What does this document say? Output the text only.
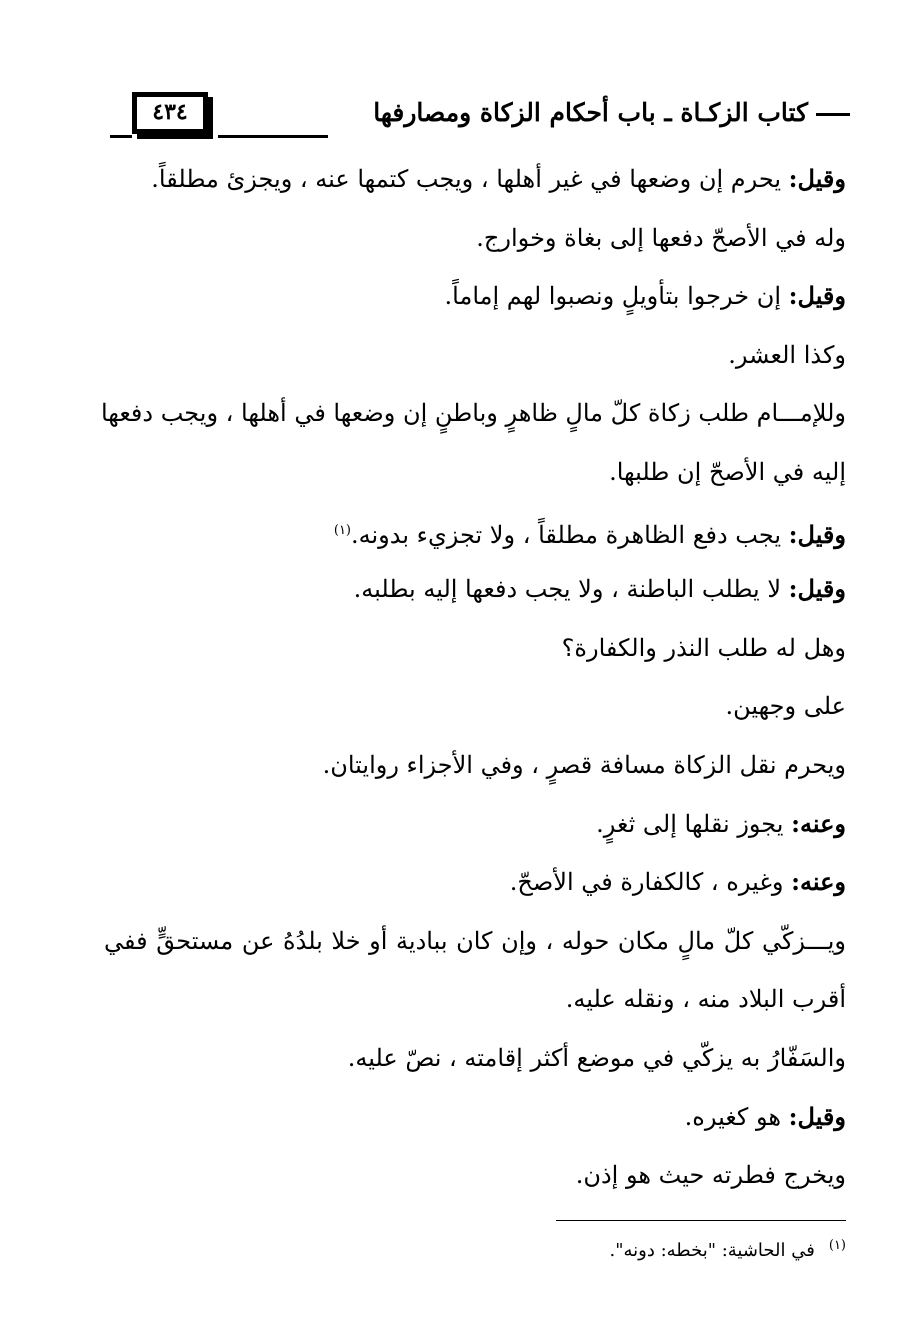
٤٣٤	كتاب الزكـاة ـ باب أحكام الزكاة ومصارفها
وقيل: يحرم إن وضعها في غير أهلها ، ويجب كتمها عنه ، ويجزئ مطلقاً.
وله في الأصحّ دفعها إلى بغاة وخوارج.
وقيل: إن خرجوا بتأويلٍ ونصبوا لهم إماماً.
وكذا العشر.
وللإمـــام طلب زكاة كلّ مالٍ ظاهرٍ وباطنٍ إن وضعها في أهلها ، ويجب دفعها
إليه في الأصحّ إن طلبها.
وقيل: يجب دفع الظاهرة مطلقاً ، ولا تجزيء بدونه.$^{(١)}$
وقيل: لا يطلب الباطنة ، ولا يجب دفعها إليه بطلبه.
وهل له طلب النذر والكفارة؟
على وجهين.
ويحرم نقل الزكاة مسافة قصرٍ ، وفي الأجزاء روايتان.
وعنه: يجوز نقلها إلى ثغرٍ.
وعنه: وغيره ، كالكفارة في الأصحّ.
ويـــزكّي كلّ مالٍ مكان حوله ، وإن كان ببادية أو خلا بلدُهُ عن مستحقٍّ ففي
أقرب البلاد منه ، ونقله عليه.
والسَفّارُ به يزكّي في موضع أكثر إقامته ، نصّ عليه.
وقيل: هو كغيره.
ويخرج فطرته حيث هو إذن.
$^{(١)}$في الحاشية: "بخطه: دونه".
